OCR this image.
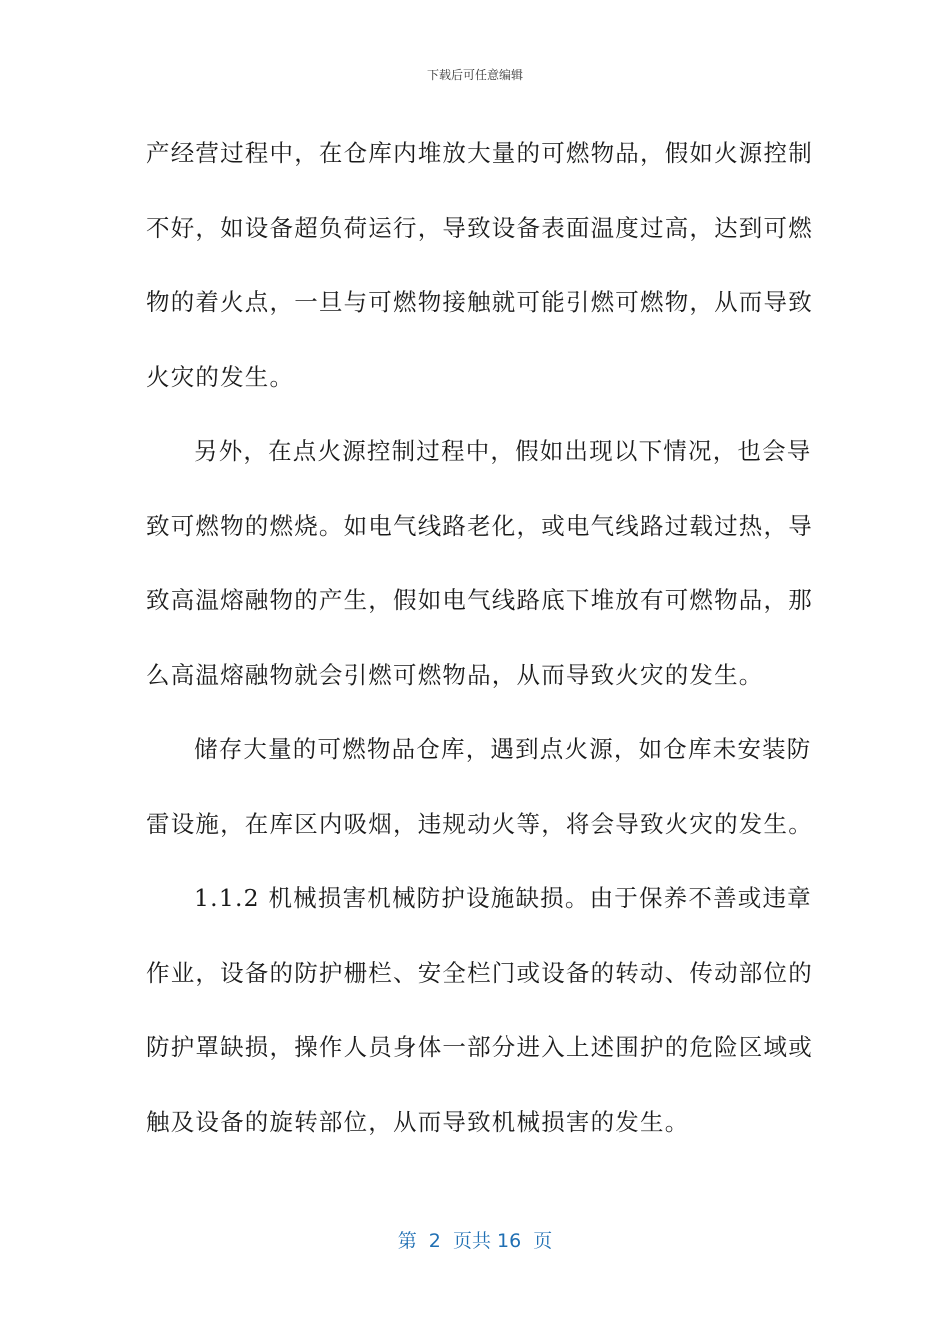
下载后可任意编辑

产经营过程中，在仓库内堆放大量的可燃物品，假如火源控制
不好，如设备超负荷运行，导致设备表面温度过高，达到可燃
物的着火点，一旦与可燃物接触就可能引燃可燃物，从而导致
火灾的发生。

另外，在点火源控制过程中，假如出现以下情况，也会导
致可燃物的燃烧。如电气线路老化，或电气线路过载过热，导
致高温熔融物的产生，假如电气线路底下堆放有可燃物品，那
么高温熔融物就会引燃可燃物品，从而导致火灾的发生。

储存大量的可燃物品仓库，遇到点火源，如仓库未安装防
雷设施，在库区内吸烟，违规动火等，将会导致火灾的发生。

1.1.2 机械损害机械防护设施缺损。由于保养不善或违章
作业，设备的防护栅栏、安全栏门或设备的转动、传动部位的
防护罩缺损，操作人员身体一部分进入上述围护的危险区域或
触及设备的旋转部位，从而导致机械损害的发生。

第  2  页共 16  页
